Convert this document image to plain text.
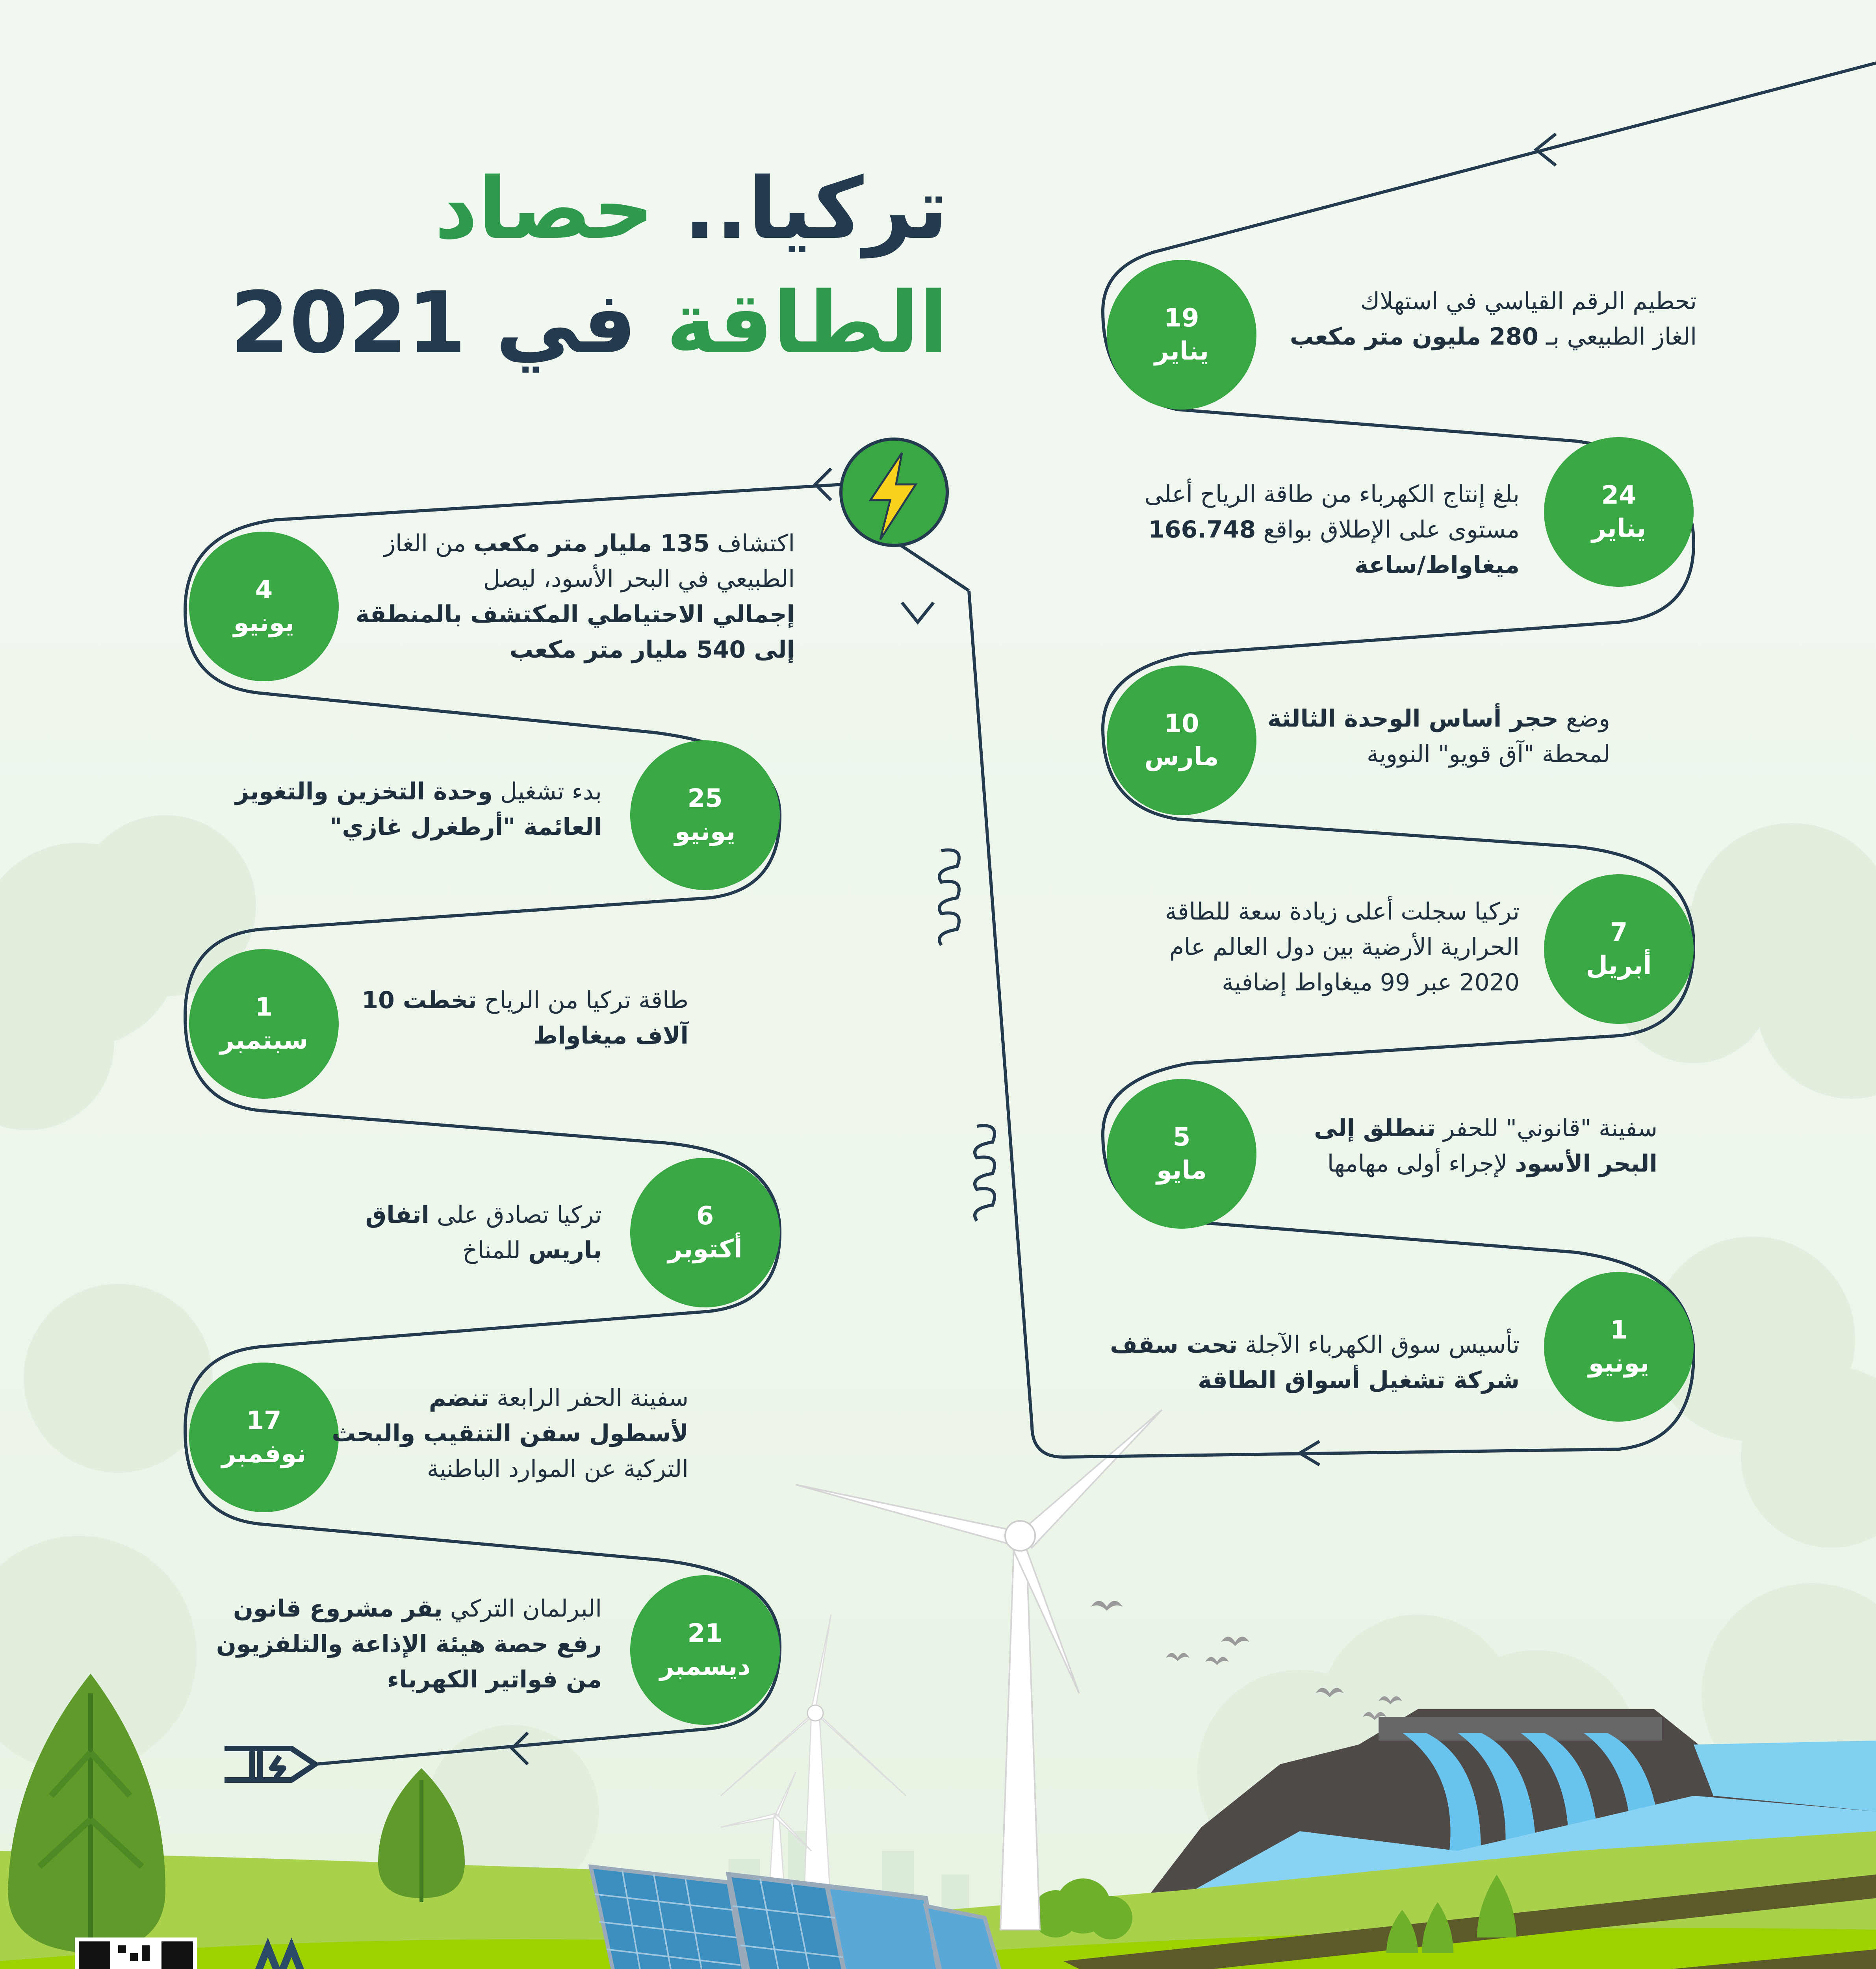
تركيا.. حصاد
الطاقة في 2021	19
يناير
تحطيم الرقم القياسي في استهلاك
الغاز الطبيعي بـ 280 مليون متر مكعب
24
يناير
بلغ إنتاج الكهرباء من طاقة الرياح أعلى
مستوى على الإطلاق بواقع 166.748
ميغاواط/ساعة
10
مارس
وضع حجر أساس الوحدة الثالثة
لمحطة "آق قويو" النووية
7
أبريل
تركيا سجلت أعلى زيادة سعة للطاقة
الحرارية الأرضية بين دول العالم عام
2020 عبر 99 ميغاواط إضافية
5
مايو
سفينة "قانوني" للحفر تنطلق إلى
البحر الأسود لإجراء أولى مهامها
1
يونيو
تأسيس سوق الكهرباء الآجلة تحت سقف
شركة تشغيل أسواق الطاقة
4
يونيو
اكتشاف 135 مليار متر مكعب من الغاز
الطبيعي في البحر الأسود، ليصل
إجمالي الاحتياطي المكتشف بالمنطقة
إلى 540 مليار متر مكعب
25
يونيو
بدء تشغيل وحدة التخزين والتغويز
العائمة "أرطغرل غازي"
1
سبتمبر
طاقة تركيا من الرياح تخطت 10
آلاف ميغاواط
6
أكتوبر
تركيا تصادق على اتفاق
باريس للمناخ
17
نوفمبر
سفينة الحفر الرابعة تنضم
لأسطول سفن التنقيب والبحث
التركية عن الموارد الباطنية
21
ديسمبر
البرلمان التركي يقر مشروع قانون
رفع حصة هيئة الإذاعة والتلفزيون
من فواتير الكهرباء
